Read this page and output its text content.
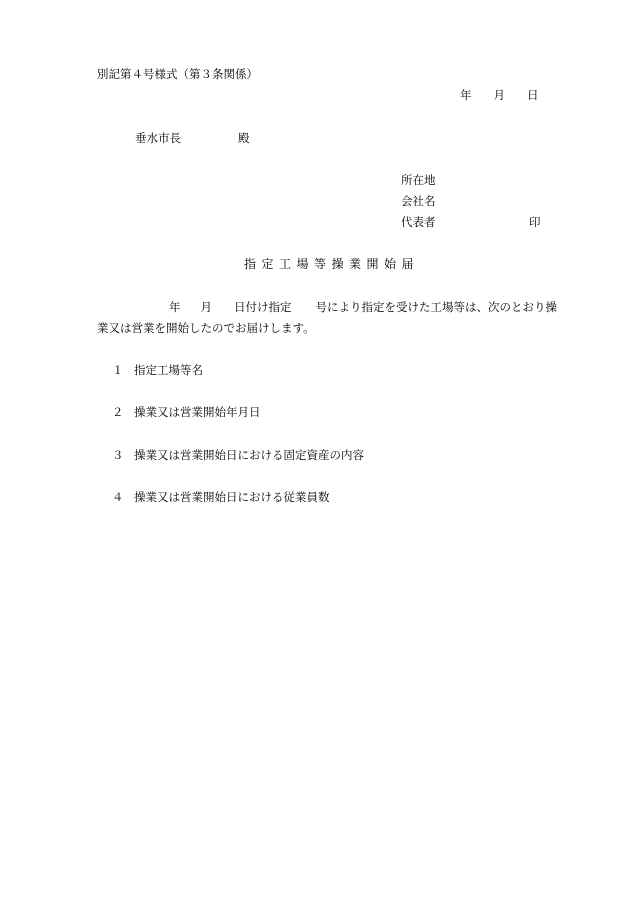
別記第４号様式（第３条関係）
年 月 日
垂水市長	殿
所在地
会社名
代表者	印
指定工場等操業開始届
年 月 日付け指定 号により指定を受けた工場等は、次のとおり操
業又は営業を開始したのでお届けします。
１ 指定工場等名
２ 操業又は営業開始年月日
３ 操業又は営業開始日における固定資産の内容
４ 操業又は営業開始日における従業員数
